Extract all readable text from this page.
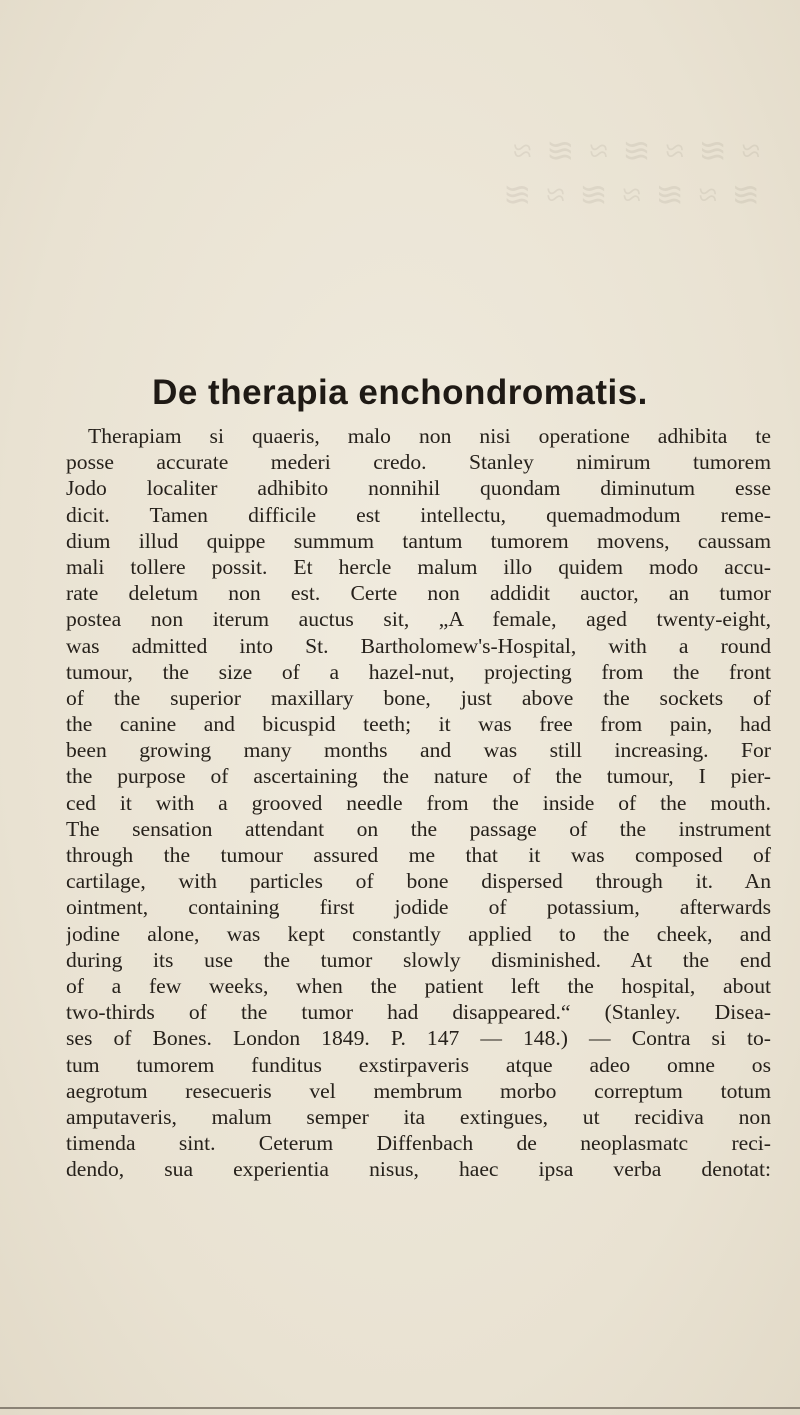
≈ ≋ ≈ ≋ ≈ ≋ ≈
≋ ≈ ≋ ≈ ≋ ≈ ≋
De therapia enchondromatis.
Therapiam si quaeris, malo non nisi operatione adhibita te
posse accurate mederi credo. Stanley nimirum tumorem
Jodo localiter adhibito nonnihil quondam diminutum esse
dicit. Tamen difficile est intellectu, quemadmodum reme-
dium illud quippe summum tantum tumorem movens, caussam
mali tollere possit. Et hercle malum illo quidem modo accu-
rate deletum non est. Certe non addidit auctor, an tumor
postea non iterum auctus sit, „A female, aged twenty-eight,
was admitted into St. Bartholomew's-Hospital, with a round
tumour, the size of a hazel-nut, projecting from the front
of the superior maxillary bone, just above the sockets of
the canine and bicuspid teeth; it was free from pain, had
been growing many months and was still increasing. For
the purpose of ascertaining the nature of the tumour, I pier-
ced it with a grooved needle from the inside of the mouth.
The sensation attendant on the passage of the instrument
through the tumour assured me that it was composed of
cartilage, with particles of bone dispersed through it. An
ointment, containing first jodide of potassium, afterwards
jodine alone, was kept constantly applied to the cheek, and
during its use the tumor slowly disminished. At the end
of a few weeks, when the patient left the hospital, about
two-thirds of the tumor had disappeared.“ (Stanley. Disea-
ses of Bones. London 1849. P. 147 — 148.) — Contra si to-
tum tumorem funditus exstirpaveris atque adeo omne os
aegrotum resecueris vel membrum morbo correptum totum
amputaveris, malum semper ita extingues, ut recidiva non
timenda sint. Ceterum Diffenbach de neoplasmatc reci-
dendo, sua experientia nisus, haec ipsa verba denotat:
